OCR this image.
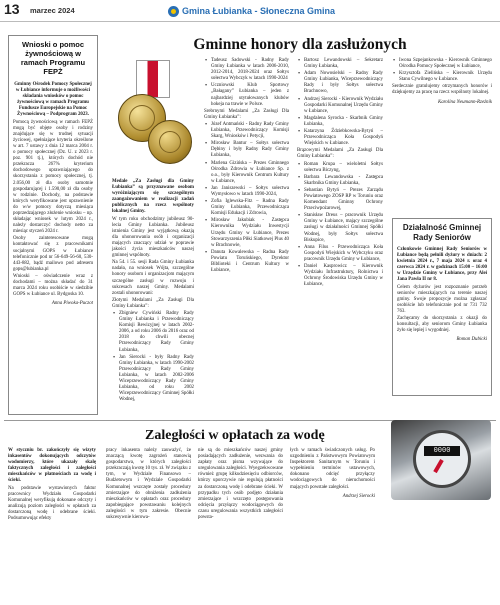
13 marzec 2024	Gmina Łubianka - Słoneczna Gmina
Wnioski o pomoc żywnościową w ramach Programu FEPŻ

Gminny Ośrodek Pomocy Społecznej w Łubiance informuje o możliwości składania wniosków o pomoc żywnościową w ramach Programu Fundusze Europejskie na Pomoc Żywnościową – Podprogram 2023.

Pomocą żywnościową w ramach FEPŻ mogą być objęte osoby i rodziny znajdujące się w trudnej sytuacji życiowej, spełniające kryteria określone w art. 7 ustawy z dnia 12 marca 2004 r. o pomocy społecznej (Dz. U. z 2023 r. poz. 901 tj.), których dochód nie przekracza 267% kryterium dochodowego uprawniającego do skorzystania z pomocy społecznej, tj. 2.056,00 zł dla osoby samotnie gospodarującej i 1.590,00 zł dla osoby w rodzinie. Dochody, na podstawie których weryfikowane jest uprawnienie do w/w pomocy dotyczą miesiąca poprzedzającego złożenie wniosku – np. składając wniosek w lutym 2024 r., należy dostarczyć dochody netto za miesiąc styczeń 2024 r.

Osoby zainteresowane mogą kontaktować się z pracownikami socjalnymi GOPS w Łubiance telefonicznie pod nr 56-649-56-60, 530-443-882, bądź mailowo pod adresem gops@lubianka.pl

Wnioski – oświadczenie wraz z dochodami – można składać do 31 marca 2024 roku osobiście w siedzibie GOPS w Łubiance ul. Bydgoska 10.

Anna Piwoka-Puczot
Gminne honory dla zasłużonych

Medale „Za Zasługi dla Gminy Łubianka” są przyznawane osobom wyróżniającym się szczególnym zaangażowaniem w realizacji zadań publicznych na rzecz wspólnoty lokalnej Gminy.

W tym roku obchodzimy jubileusz 90-lecia Gminy Łubianka. Jubileusz istnienia Gminy jest wyjątkową okazją dla uhonorowania osób i organizacji mających znaczący udział w poprawie jakości życia mieszkańców naszej gminnej wspólnoty.

Na 54. i 55. sesji Rada Gminy Łubianka nadała, na wniosek Wójta, szczególne honory osobom i organizacjom mającym szczególne zasługi w rozwoju i sukcesach naszej Gminy. Medalami zostali uhonorowani:

Złotymi Medalami „Za Zasługi Dla Gminy Łubianka”:

• Zbigniew Cywiński Radny Rady Gminy Łubianka i Przewodniczący Komisji Rewizyjnej w latach 2002-2006, a od roku 2006 do 2016 oraz od 2018 do chwili obecnej Przewodniczący Rady Gminy Łubianka,
• Jan Sierocki - były Radny Rady Gminy Łubianka, w latach 1990-2002 Przewodniczący Rady Gminy Łubianka, w latach 2002-2006 Wiceprzewodniczący Rady Gminy Łubianka, od roku 2002 Wiceprzewodniczący Gminnej Spółki Wodnej,
• Tadeusz Sadowski - Radny Rady Gminy Łubianka w latach 2006-2010, 2012-2014, 2018-2024 oraz Sołtys sołectwa Wybczyk w latach 1990-2024
• Uczniowski Klub Sportowy „Bałagany” Łubianka – jeden z najbardziej utytułowanych klubów hokeja na trawie w Polsce.

Srebrnymi Medalami „Za Zasługi Dla Gminy Łubianka”:

• Józef Antmański - Radny Rady Gminy Łubianka, Przewodniczący Komisji Skarg, Wniosków i Petycji,
• Mirosław Bantur – Sołtys sołectwa Dębiny i były Radny Rady Gminy Łubianka,
• Marlena Gizińska – Prezes Gminnego Ośrodka Zdrowia w Łubiance Sp. z o.o., były Kierownik Centrum Kultury w Łubiance,
• Jan Janiszewski – Sołtys sołectwa Wymysłowo w latach 1990-2024,
• Zofia Iglewska-Fitz – Radna Rady Gminy Łubianka, Przewodnicząca Komisji Edukacji i Zdrowia,
• Mirosław Jakubiak - Zastępca Kierownika Wydziału Inwestycji Urzędu Gminy w Łubiance, Prezes Stowarzyszenia Piłki Siatkowej Plus 40 w Brachnowie,
• Danuta Kowalewska – Radna Rady Powiatu Toruńskiego, Dyrektor Biblioteki i Centrum Kultury w Łubiance,
• Bartosz Lewandowski – Sekretarz Gminy Łubianka,
• Adam Nowosielski – Radny Rady Gminy Łubianka, Wiceprzewodniczący Rady i były Sołtys sołectwa Brachnowo,
• Andrzej Sierocki - Kierownik Wydziału Gospodarki Komunalnej Urzędu Gminy w Łubiance,
• Magdalena Syrocka - Skarbnik Gminy Łubianka,
• Katarzyna Ździebkowska-Bytyń – Przewodnicząca Koła Gospodyń Wiejskich w Łubiance.

Brązowymi Medalami „Za Zasługi Dla Gminy Łubianka”:

• Roman Krupa – wieloletni Sołtys sołectwa Biczyng,
• Barbara Lewandowska - Zastępca Skarbnika Gminy Łubianka,
• Sebastian Bytyń – Prezes Zarządu Powiatowego ZOSP RP w Toruniu oraz Komendant Gminny Ochrony Przeciwpożarowej,
• Stanisław Dreus – pracownik Urzędu Gminy w Łubiance, mający szczególne zasługi w działalności Gminnej Spółki Wodnej, były Sołtys sołectwa Biskupice,
• Anna Filus - Przewodnicząca Koła Gospodyń Wiejskich w Wybczyku oraz pracownik Urzędu Gminy w Łubiance,
• Daniel Kasprowicz – Kierownik Wydziału Infrastruktury, Rolnictwa i Ochrony Środowiska Urzędu Gminy w Łubiance,
• Iwona Szpejankowska - Kierownik Gminnego Ośrodka Pomocy Społecznej w Łubiance,
• Krzysztofa Zielińska – Kierownik Urzędu Stanu Cywilnego w Łubiance.

Serdecznie gratulujemy otrzymanych honorów i dziękujemy za pracę na rzecz wspólnoty lokalnej.

Karolina Neumann-Rzeźnik
Działalność Gminnej Rady Seniorów

Członkowie Gminnej Rady Seniorów w Łubiance będą pełnili dyżury w dniach: 2 kwietnia 2024 r., 7 maja 2024 r. oraz 4 czerwca 2024 r. w godzinach 15:00 – 16:00 w Urzędzie Gminy w Łubiance, przy Alei Jana Pawła II nr 8.

Celem dyżurów jest rozpoznanie potrzeb seniorów mieszkających na terenie naszej gminy. Swoje propozycje można zgłaszać osobiście lub telefonicznie pod nr 731 732 763.

Zachęcamy do skorzystania z okazji do konsultacji, aby seniorom Gminy Łubianka żyło się lepiej i wygodniej.

Roman Dubicki
Zaległości w opłatach za wodę

W styczniu br. zakończyły się wizyty inkasentów dokonujących odczytów wodomierzy, które ukazały skalę faktycznych zaległości i zaległości mieszkańców w płatnościach za wodę i ścieki.

Na podstawie wystawionych faktur pracownicy Wydziału Gospodarki Komunalnej weryfikują dokonane odczyty i analizują poziom zaległości w opłatach za dostarczoną wodę i odebrane ścieki. Podsumowując efekty

pracy inkasenta należy zauważyć, że znaczącą kwotę zagrożeń stanowią gospodarstwa, w których zaległości przekraczają kwotę 10 tys. zł. W związku z tym, w Wydziale Finansowo – Budżetowym i Wydziale Gospodarki Komunalnej wszczęte zostały procedury zmierzające do obniżenia zadłużenia mieszkańców w opłatach oraz procedury zapobiegające powstawaniu kolejnych zaległości w tym zakresie. Obecnie sukcesywnie kierowa-

nie są do mieszkańców naszej gminy posiadających zadłużenie, wezwania do zapłaty oraz pisma wzywające do uregulowania zaległości. Wyegzekwowane również grupę kilkudziesięciu odbiorców, którzy uporczywie nie regulują płatności za dostarczoną wodę i odebrane ścieki. W przypadku tych osób podjęto działania zmierzające i wszczęto postępowania odcięcia przyłączy wodociągowych do czasu uregulowania wszystkich zaległości powsta-

łych w ramach świadczonych usług. Po uzgodnieniu z Państwowym Powiatowym Inspektorem Sanitarnym w Toruniu i wypełnieniu terminów ustawowych, dokonano odcięć przyłączy wodociągowych do nieruchomości mających powstałe zaległości.

Andrzej Sierocki
0000
